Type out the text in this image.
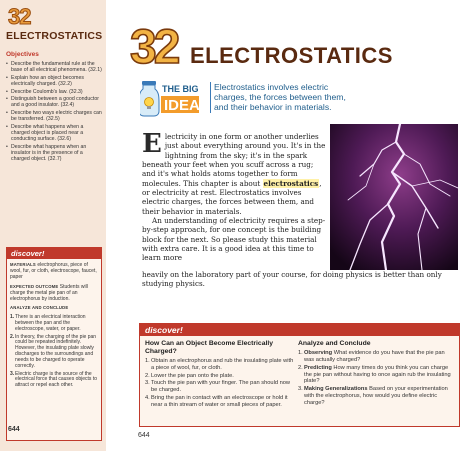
32
ELECTROSTATICS
Objectives
• Describe the fundamental rule at the base of all electrical phenomena. (32.1)
• Explain how an object becomes electrically charged. (32.2)
• Describe Coulomb's law. (32.3)
• Distinguish between a good conductor and a good insulator. (32.4)
• Describe two ways electric charges can be transferred. (32.5)
• Describe what happens when a charged object is placed near a conducting surface. (32.6)
• Describe what happens when an insulator is in the presence of a charged object. (32.7)
discover!

MATERIALS electrophorus, piece of wool, fur, or cloth, electroscope, faucet, paper

EXPECTED OUTCOME Students will charge the metal pie pan of an electrophorus by induction.

ANALYZE AND CONCLUDE

1. There is an electrical interaction between the pan and the electroscope, water, or paper.
2. In theory, the charging of the pie pan could be repeated indefinitely. However, the insulating plate slowly discharges to the surroundings and needs to be charged to operate correctly.
3. Electric charge is the source of the electrical force that causes objects to attract or repel each other.
644
32 ELECTROSTATICS
THE BIG
IDEA
Electrostatics involves electric charges, the forces between them, and their behavior in materials.

Electricity in one form or another underlies just about everything around you. It's in the lightning from the sky; it's in the spark beneath your feet when you scuff across a rug; and it's what holds atoms together to form molecules. This chapter is about electrostatics, or electricity at rest. Electrostatics involves electric charges, the forces between them, and their behavior in materials.

An understanding of electricity requires a step-by-step approach, for one concept is the building block for the next. So please study this material with extra care. It is a good idea at this time to learn more

heavily on the laboratory part of your course, for doing physics is better than only studying physics.

discover!
How Can an Object Become Electrically Charged?
1. Obtain an electrophorus and rub the insulating plate with a piece of wool, fur, or cloth.
2. Lower the pie pan onto the plate.
3. Touch the pie pan with your finger. The pan should now be charged.
4. Bring the pan in contact with an electroscope or hold it near a thin stream of water or small pieces of paper.
Analyze and Conclude
1. Observing What evidence do you have that the pie pan was actually charged?
2. Predicting How many times do you think you can charge the pie pan without having to once again rub the insulating plate?
3. Making Generalizations Based on your experimentation with the electrophorus, how would you define electric charge?
644
